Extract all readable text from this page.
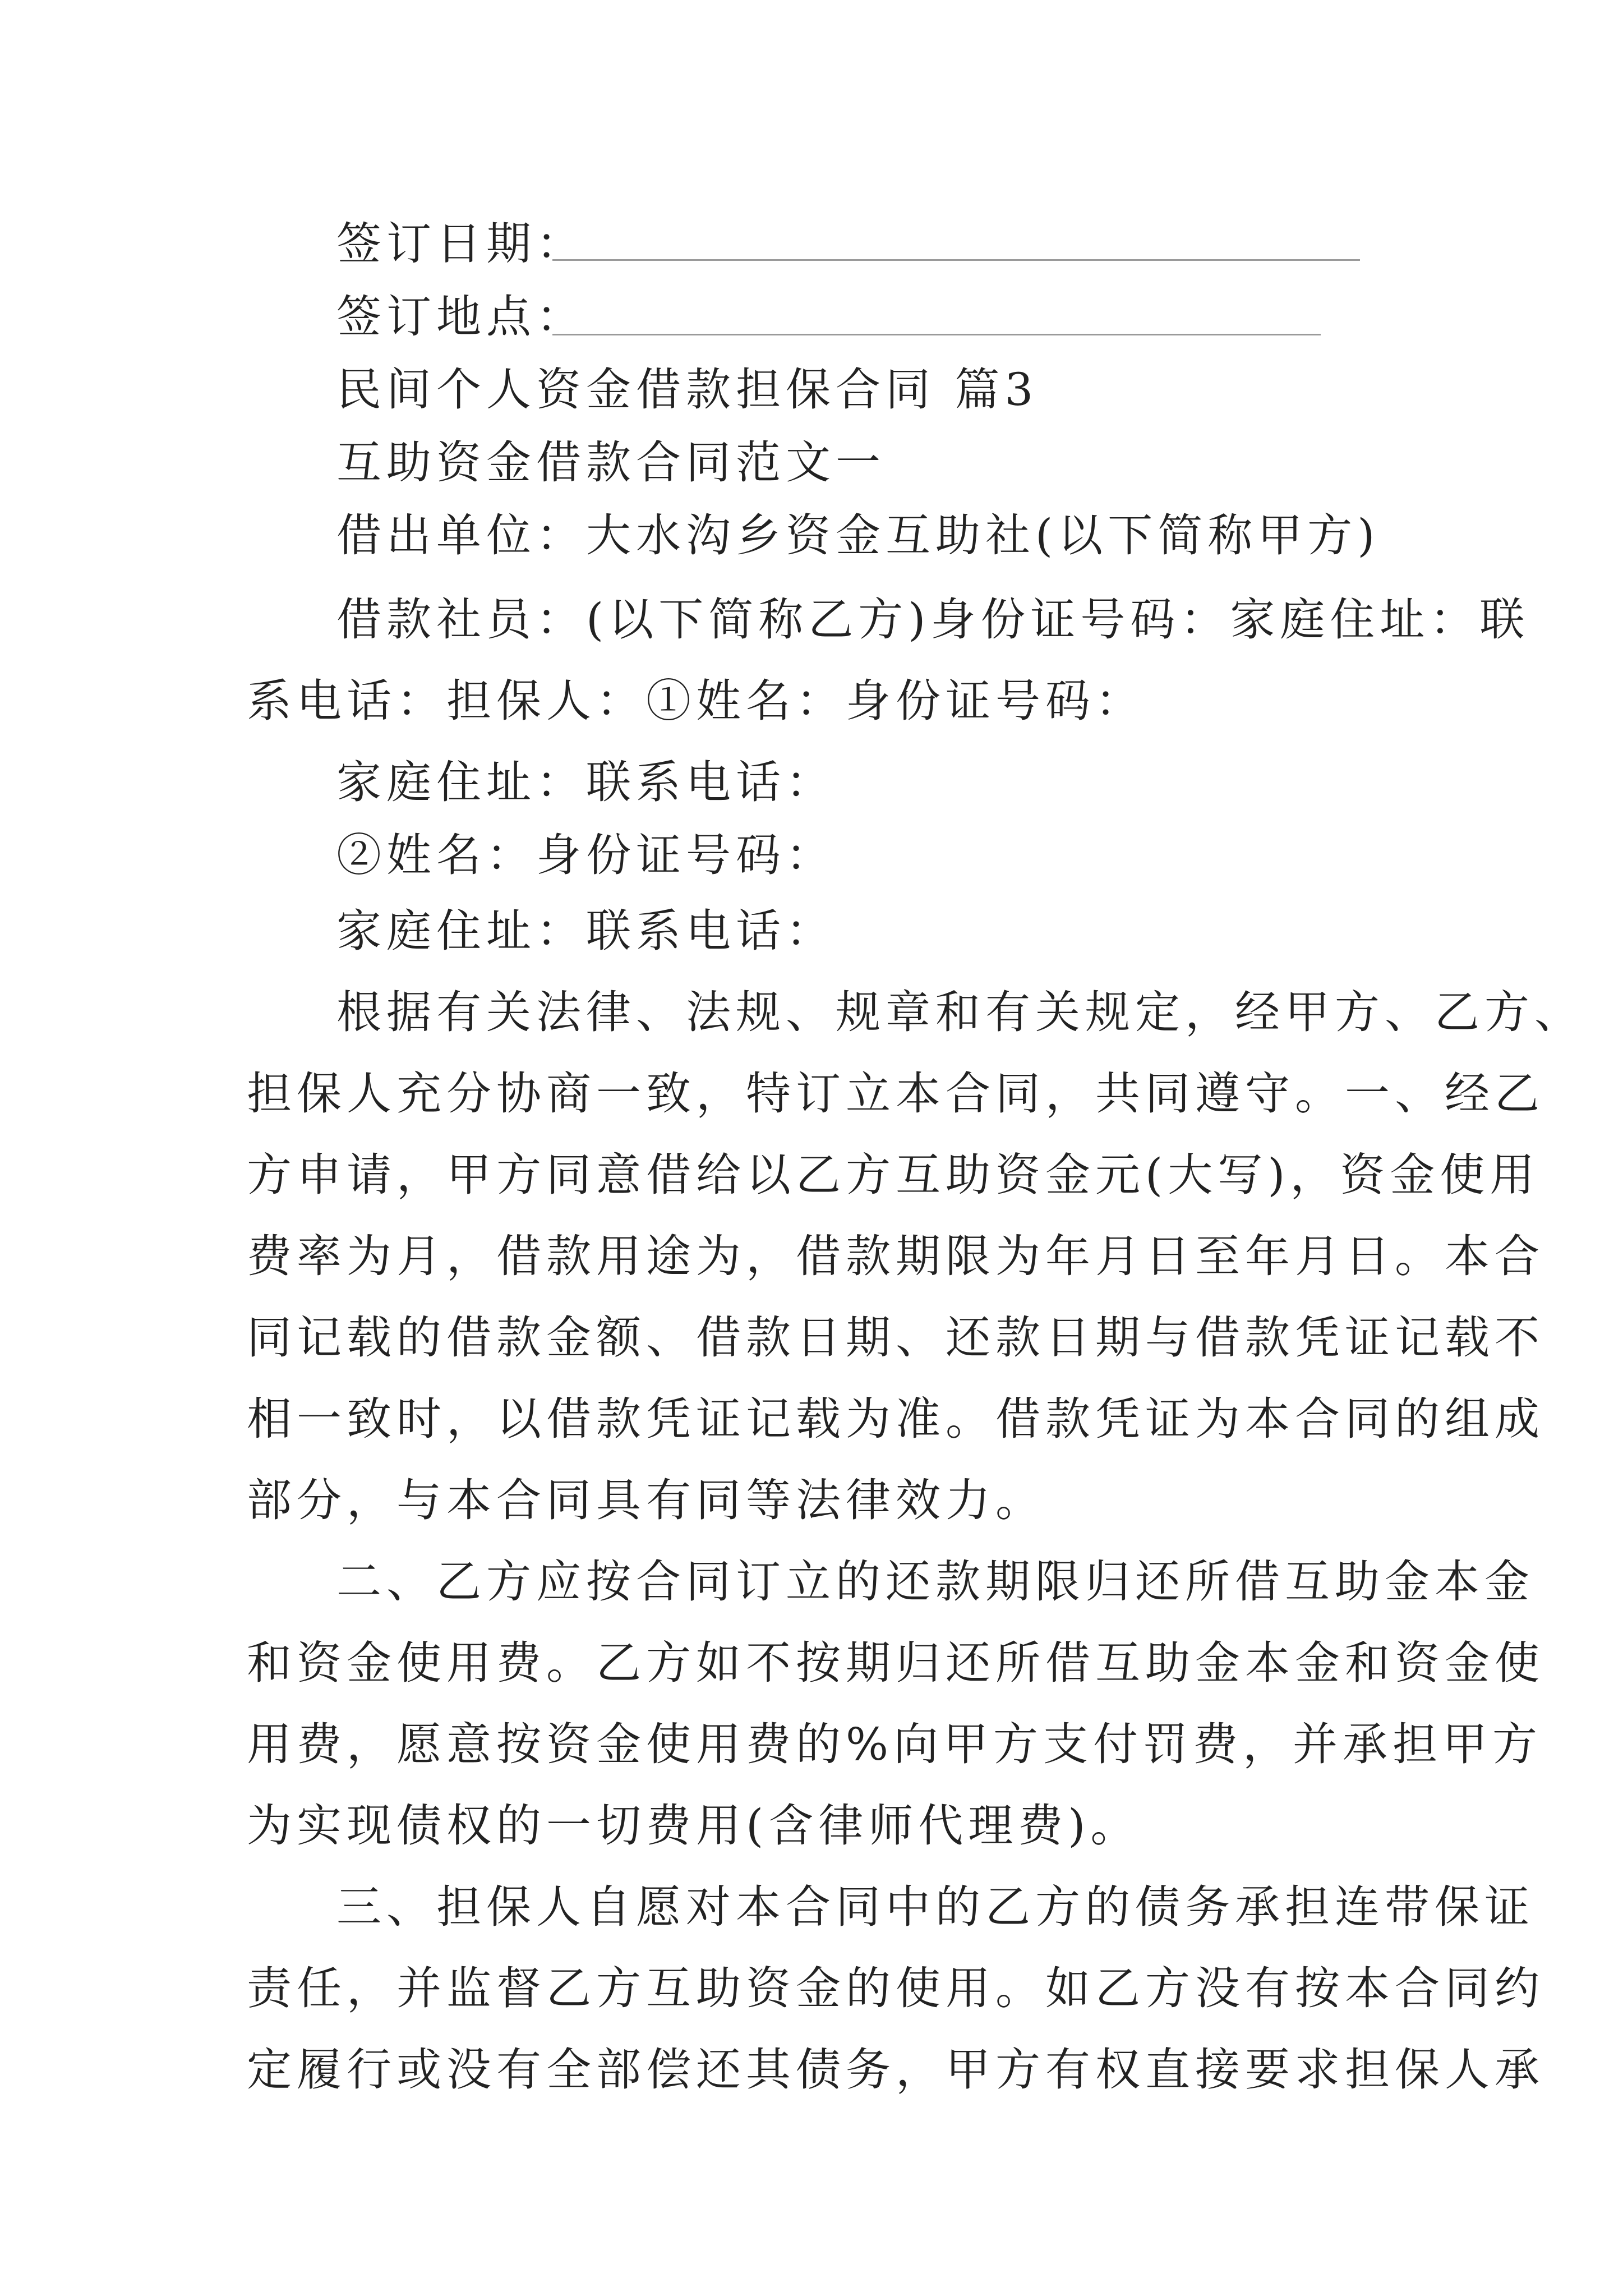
签订日期：
签订地点：
民间个人资金借款担保合同 篇3
互助资金借款合同范文一
借出单位：大水沟乡资金互助社(以下简称甲方)
借款社员：(以下简称乙方)身份证号码：家庭住址：联
系电话：担保人：①姓名：身份证号码：
家庭住址：联系电话：
②姓名：身份证号码：
家庭住址：联系电话：
根据有关法律、法规、规章和有关规定，经甲方、乙方、
担保人充分协商一致，特订立本合同，共同遵守。一、经乙
方申请，甲方同意借给以乙方互助资金元(大写)，资金使用
费率为月，借款用途为，借款期限为年月日至年月日。本合
同记载的借款金额、借款日期、还款日期与借款凭证记载不
相一致时，以借款凭证记载为准。借款凭证为本合同的组成
部分，与本合同具有同等法律效力。
二、乙方应按合同订立的还款期限归还所借互助金本金
和资金使用费。乙方如不按期归还所借互助金本金和资金使
用费，愿意按资金使用费的%向甲方支付罚费，并承担甲方
为实现债权的一切费用(含律师代理费)。
三、担保人自愿对本合同中的乙方的债务承担连带保证
责任，并监督乙方互助资金的使用。如乙方没有按本合同约
定履行或没有全部偿还其债务，甲方有权直接要求担保人承
